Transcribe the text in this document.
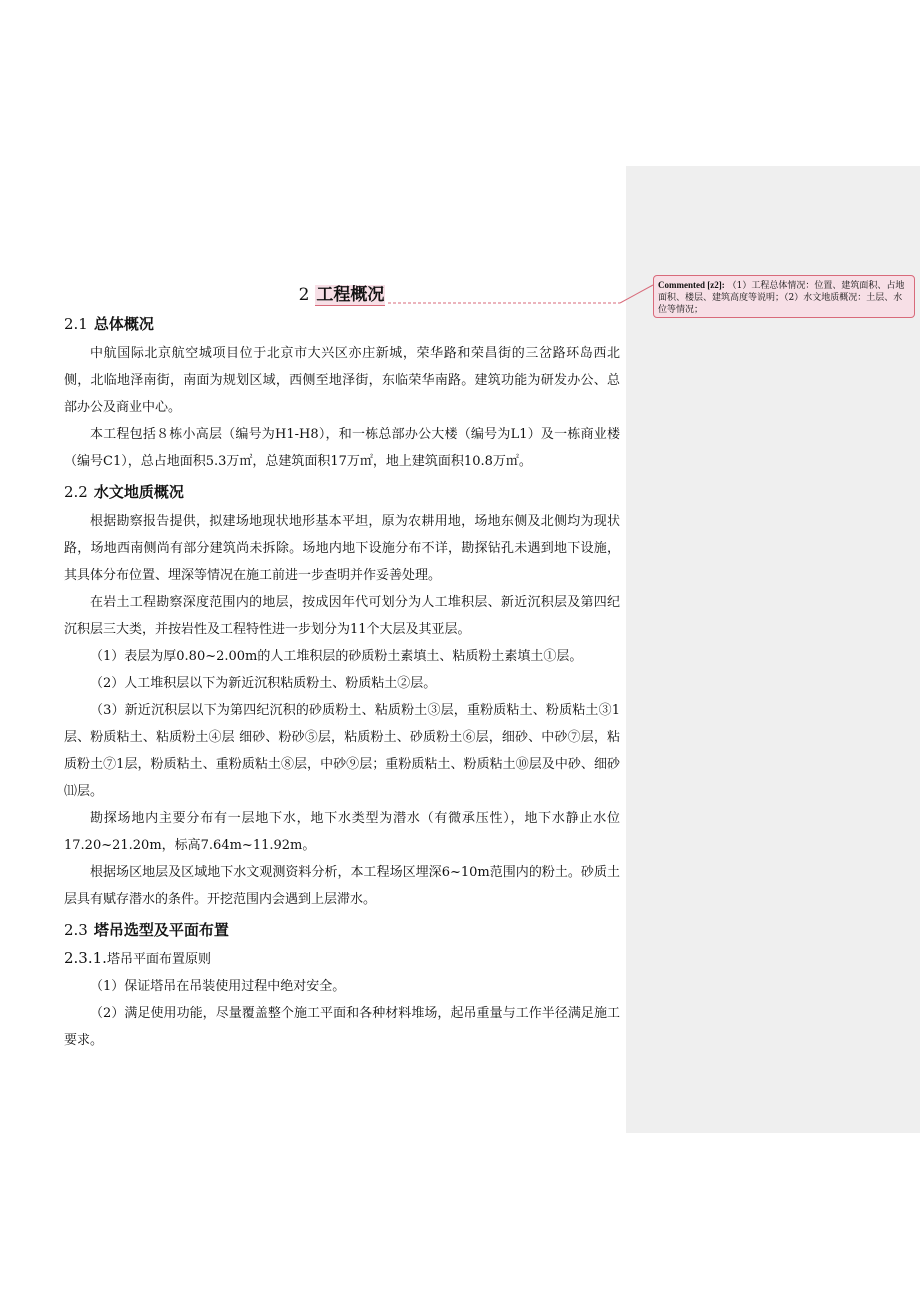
Commented [z2]: （1）工程总体情况：位置、建筑面积、占地面积、楼层、建筑高度等说明；（2）水文地质概况：土层、水位等情况；
2 工程概况
2.1 总体概况

中航国际北京航空城项目位于北京市大兴区亦庄新城，荣华路和荣昌街的三岔路环岛西北侧，北临地泽南街，南面为规划区域，西侧至地泽街，东临荣华南路。建筑功能为研发办公、总部办公及商业中心。

本工程包括８栋小高层（编号为H1-H8），和一栋总部办公大楼（编号为L1）及一栋商业楼（编号C1），总占地面积5.3万㎡，总建筑面积17万㎡，地上建筑面积10.8万㎡。

2.2 水文地质概况

根据勘察报告提供，拟建场地现状地形基本平坦，原为农耕用地，场地东侧及北侧均为现状路，场地西南侧尚有部分建筑尚未拆除。场地内地下设施分布不详，勘探钻孔未遇到地下设施，其具体分布位置、埋深等情况在施工前进一步查明并作妥善处理。

在岩土工程勘察深度范围内的地层，按成因年代可划分为人工堆积层、新近沉积层及第四纪沉积层三大类，并按岩性及工程特性进一步划分为11个大层及其亚层。

（1）表层为厚0.80~2.00m的人工堆积层的砂质粉土素填土、粘质粉土素填土①层。

（2）人工堆积层以下为新近沉积粘质粉土、粉质粘土②层。

（3）新近沉积层以下为第四纪沉积的砂质粉土、粘质粉土③层，重粉质粘土、粉质粘土③1层、粉质粘土、粘质粉土④层 细砂、粉砂⑤层，粘质粉土、砂质粉土⑥层，细砂、中砂⑦层，粘质粉土⑦1层，粉质粘土、重粉质粘土⑧层，中砂⑨层；重粉质粘土、粉质粘土⑩层及中砂、细砂⑾层。

勘探场地内主要分布有一层地下水，地下水类型为潜水（有微承压性），地下水静止水位17.20~21.20m，标高7.64m~11.92m。

根据场区地层及区域地下水文观测资料分析，本工程场区埋深6~10m范围内的粉土。砂质土层具有赋存潜水的条件。开挖范围内会遇到上层滞水。

2.3 塔吊选型及平面布置
2.3.1.塔吊平面布置原则

（1）保证塔吊在吊装使用过程中绝对安全。

（2）满足使用功能，尽量覆盖整个施工平面和各种材料堆场，起吊重量与工作半径满足施工要求。
